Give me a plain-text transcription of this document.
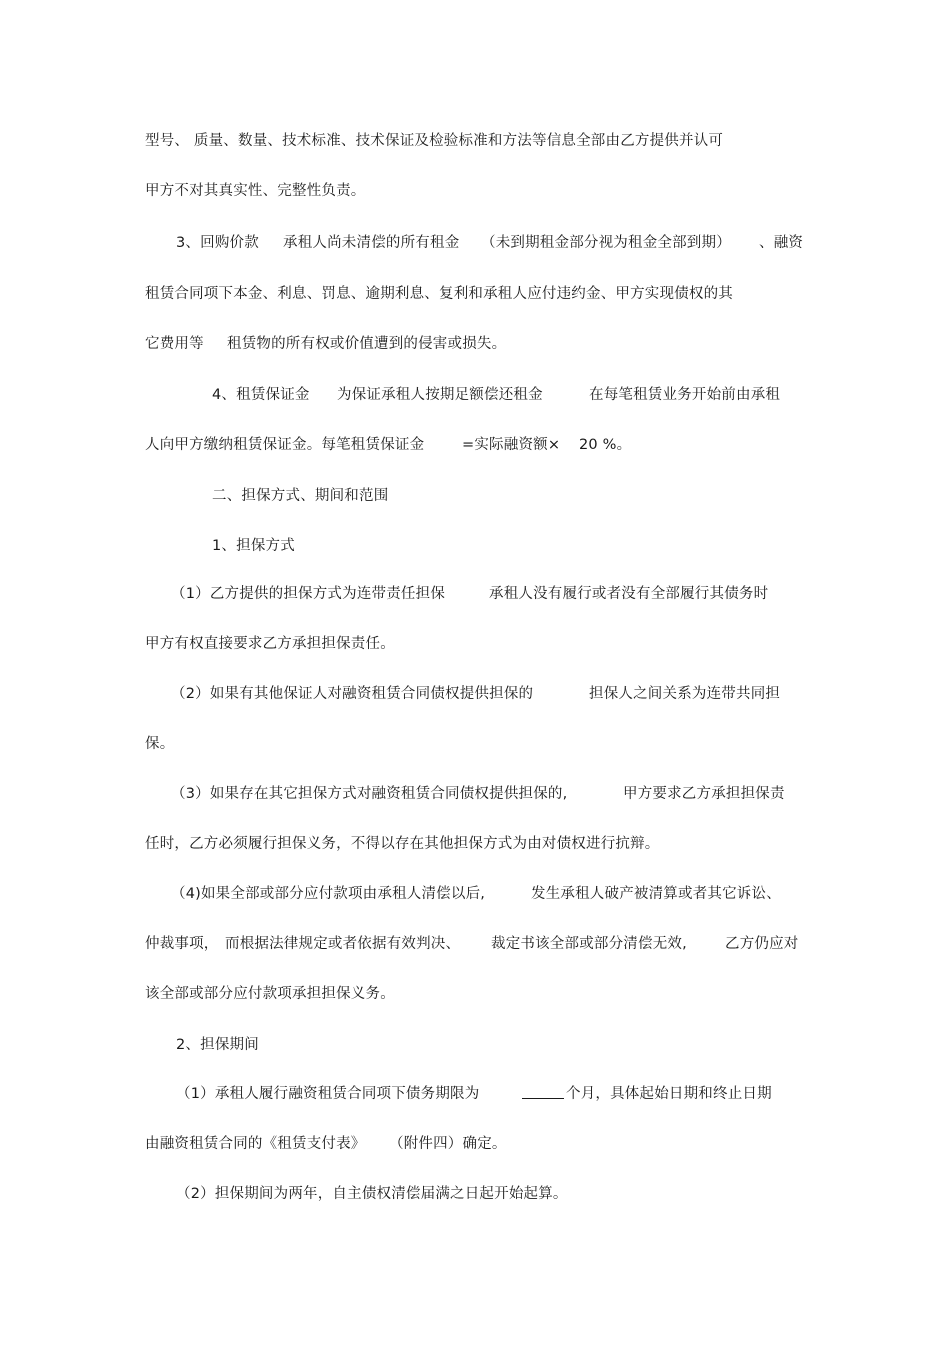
型号、 质量、数量、技术标准、技术保证及检验标准和方法等信息全部由乙方提供并认可
甲方不对其真实性、完整性负责。
3、回购价款 承租人尚未清偿的所有租金 （未到期租金部分视为租金全部到期） 、融资
租赁合同项下本金、利息、罚息、逾期利息、复利和承租人应付违约金、甲方实现债权的其
它费用等 租赁物的所有权或价值遭到的侵害或损失。
4、租赁保证金 为保证承租人按期足额偿还租金	在每笔租赁业务开始前由承租
人向甲方缴纳租赁保证金。每笔租赁保证金	=实际融资额× 20 %。
二、担保方式、期间和范围
1、担保方式
（1）乙方提供的担保方式为连带责任担保	承租人没有履行或者没有全部履行其债务时
甲方有权直接要求乙方承担担保责任。
（2）如果有其他保证人对融资租赁合同债权提供担保的	担保人之间关系为连带共同担
保。
（3）如果存在其它担保方式对融资租赁合同债权提供担保的,	甲方要求乙方承担担保责
任时，乙方必须履行担保义务，不得以存在其他担保方式为由对债权进行抗辩。
（4)如果全部或部分应付款项由承租人清偿以后,	发生承租人破产被清算或者其它诉讼、
仲裁事项， 而根据法律规定或者依据有效判决、 裁定书该全部或部分清偿无效,	乙方仍应对
该全部或部分应付款项承担担保义务。
2、担保期间
（1）承租人履行融资租赁合同项下债务期限为	个月，具体起始日期和终止日期
由融资租赁合同的《租赁支付表》 （附件四）确定。
（2）担保期间为两年，自主债权清偿届满之日起开始起算。
